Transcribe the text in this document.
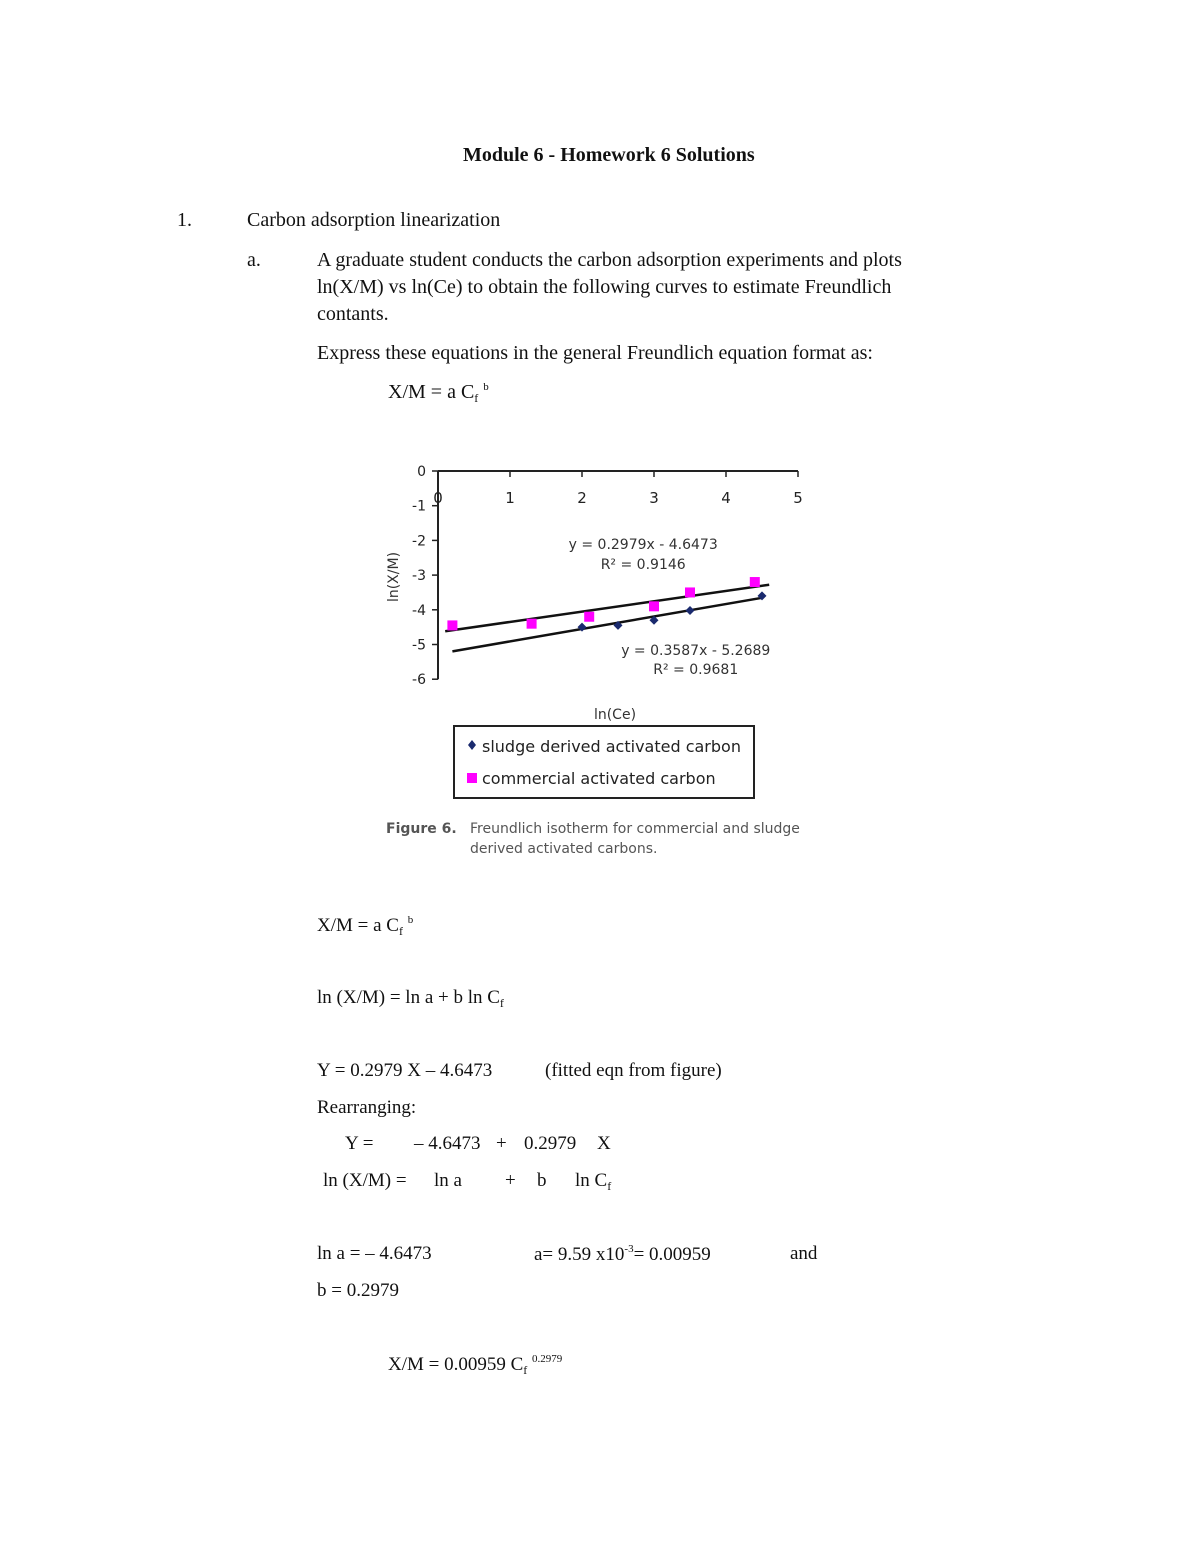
Module 6 - Homework 6 Solutions
1.	Carbon adsorption linearization
a.	A graduate student conducts the carbon adsorption experiments and plots
ln(X/M) vs ln(Ce) to obtain the following curves to estimate Freundlich
contants.
Express these equations in the general Freundlich equation format as:
X/M = a $C_f$ $^b$
0	1	2	3	4	5
0
-1
-2
-3
-4
-5
-6
y = 0.3587x - 5.2689
R² = 0.9681
y = 0.2979x - 4.6473
R² = 0.9146
ln(Ce)
ln(X/M)
sludge derived activated carbon
commercial activated carbon
Figure 6. Freundlich isotherm for commercial and sludge
derived activated carbons.
X/M = a $C_f$ $^b$
ln (X/M) = ln a + b $\ln C_f$
Y = 0.2979 X – 4.6473	(fitted eqn from figure)
Rearranging:
Y = – 4.6473 + 0.2979 X
ln (X/M) = ln a + b $\ln C_f$
ln a = – 4.6473	a= 9.59 $x10^{-3}= 0.00959$	and
b = 0.2979
X/M = 0.00959 $C_f$ $^{0.2979}$
